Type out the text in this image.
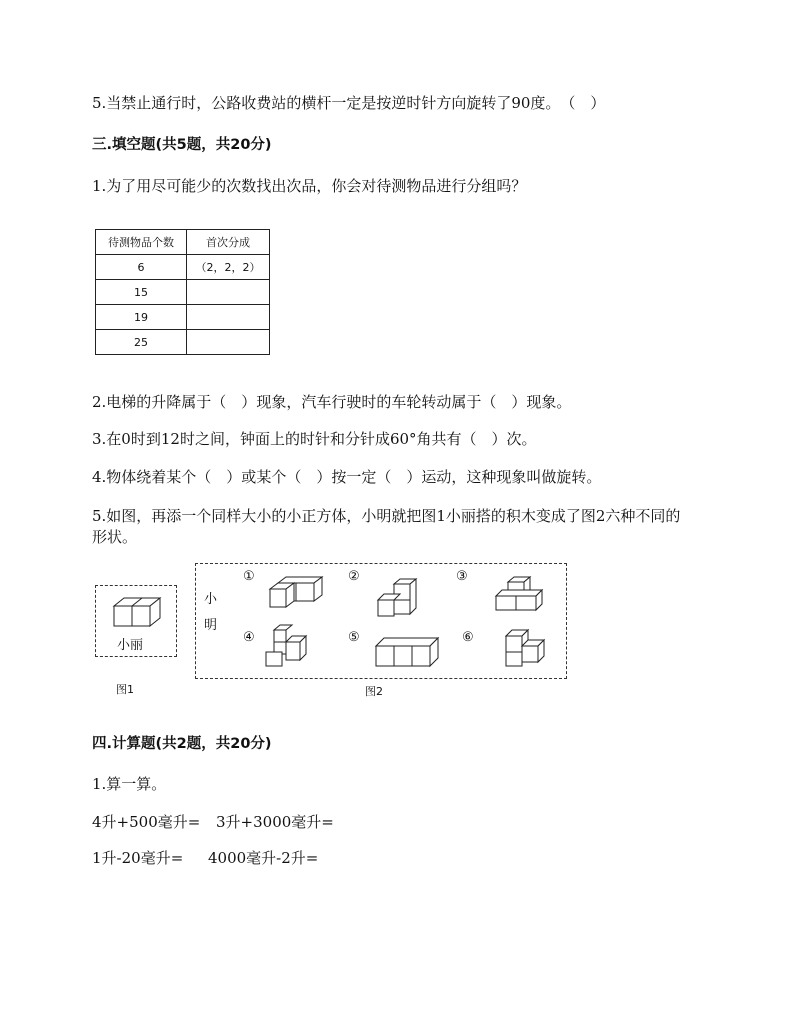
5.当禁止通行时，公路收费站的横杆一定是按逆时针方向旋转了90度。　（　）
三.填空题(共5题，共20分)
1.为了用尽可能少的次数找出次品，你会对待测物品进行分组吗？
待测物品个数	首次分成
6	（2，2，2）
15	
19	
25	
2.电梯的升降属于（　）现象，汽车行驶时的车轮转动属于（　）现象。
3.在0时到12时之间，钟面上的时针和分针成60°角共有（　）次。
4.物体绕着某个（　）或某个（　）按一定（　）运动，这种现象叫做旋转。
5.如图，再添一个同样大小的小正方体，小明就把图1小丽搭的积木变成了图2六种不同的
形状。
小丽
图1
小
明
图2
①	②	③
④	⑤	⑥
四.计算题(共2题，共20分)
1.算一算。
4升+500毫升= 3升+3000毫升=
1升-20毫升= 4000毫升-2升=
